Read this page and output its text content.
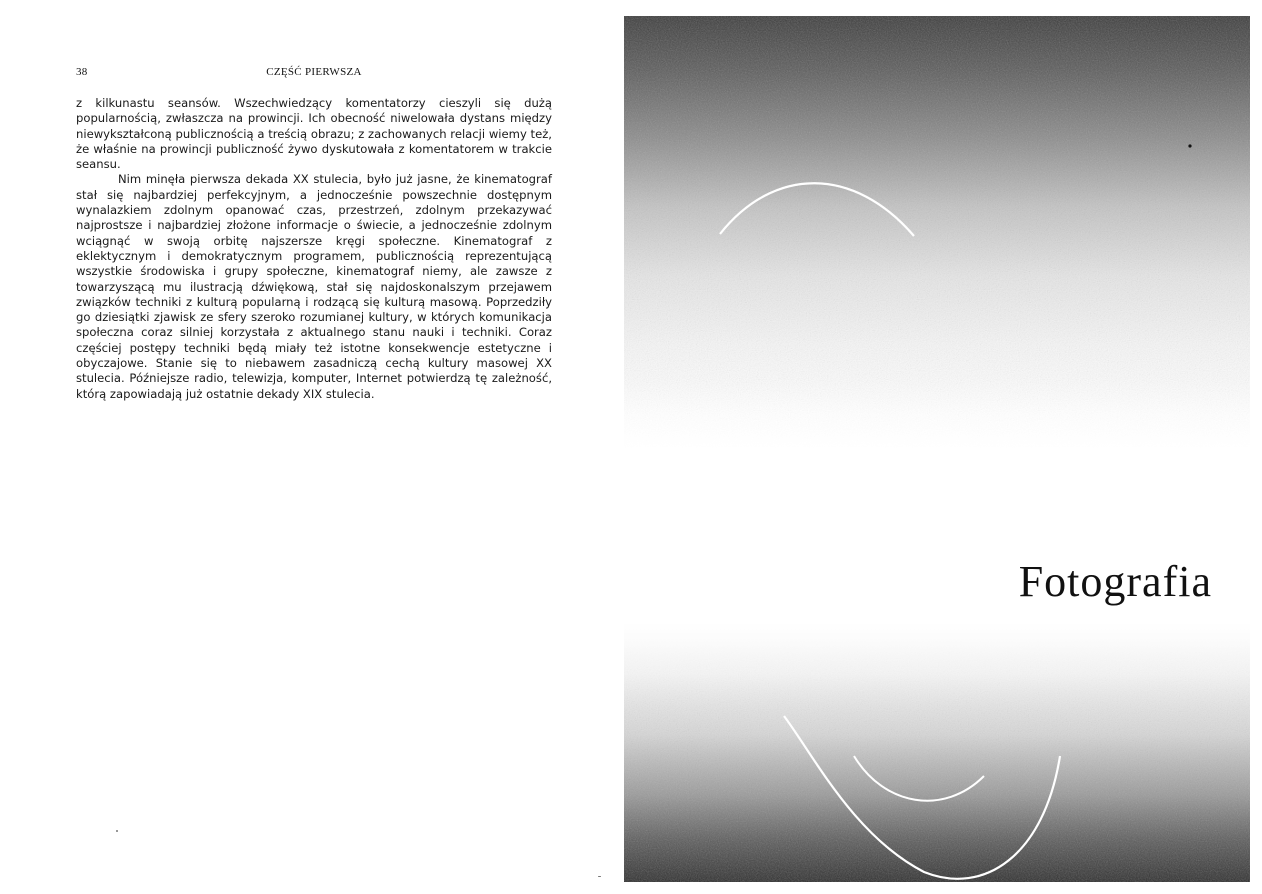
38	CZĘŚĆ PIERWSZA

z kilkunastu seansów. Wszechwiedzący komentatorzy cieszyli się dużą popularnością, zwłaszcza na prowincji. Ich obecność niwelowała dystans między niewykształconą publicznością a treścią obrazu; z zachowanych relacji wiemy też, że właśnie na prowincji publiczność żywo dyskutowała z komentatorem w trakcie seansu.

Nim minęła pierwsza dekada XX stulecia, było już jasne, że kinematograf stał się najbardziej perfekcyjnym, a jednocześnie powszechnie dostępnym wynalazkiem zdolnym opanować czas, przestrzeń, zdolnym przekazywać najprostsze i najbardziej złożone informacje o świecie, a jednocześnie zdolnym wciągnąć w swoją orbitę najszersze kręgi społeczne. Kinematograf z eklektycznym i demokratycznym programem, publicznością reprezentującą wszystkie środowiska i grupy społeczne, kinematograf niemy, ale zawsze z towarzyszącą mu ilustracją dźwiękową, stał się najdoskonalszym przejawem związków techniki z kulturą popularną i rodzącą się kulturą masową. Poprzedziły go dziesiątki zjawisk ze sfery szeroko rozumianej kultury, w których komunikacja społeczna coraz silniej korzystała z aktualnego stanu nauki i techniki. Coraz częściej postępy techniki będą miały też istotne konsekwencje estetyczne i obyczajowe. Stanie się to niebawem zasadniczą cechą kultury masowej XX stulecia. Późniejsze radio, telewizja, komputer, Internet potwierdzą tę zależność, którą zapowiadają już ostatnie dekady XIX stulecia.

Fotografia
